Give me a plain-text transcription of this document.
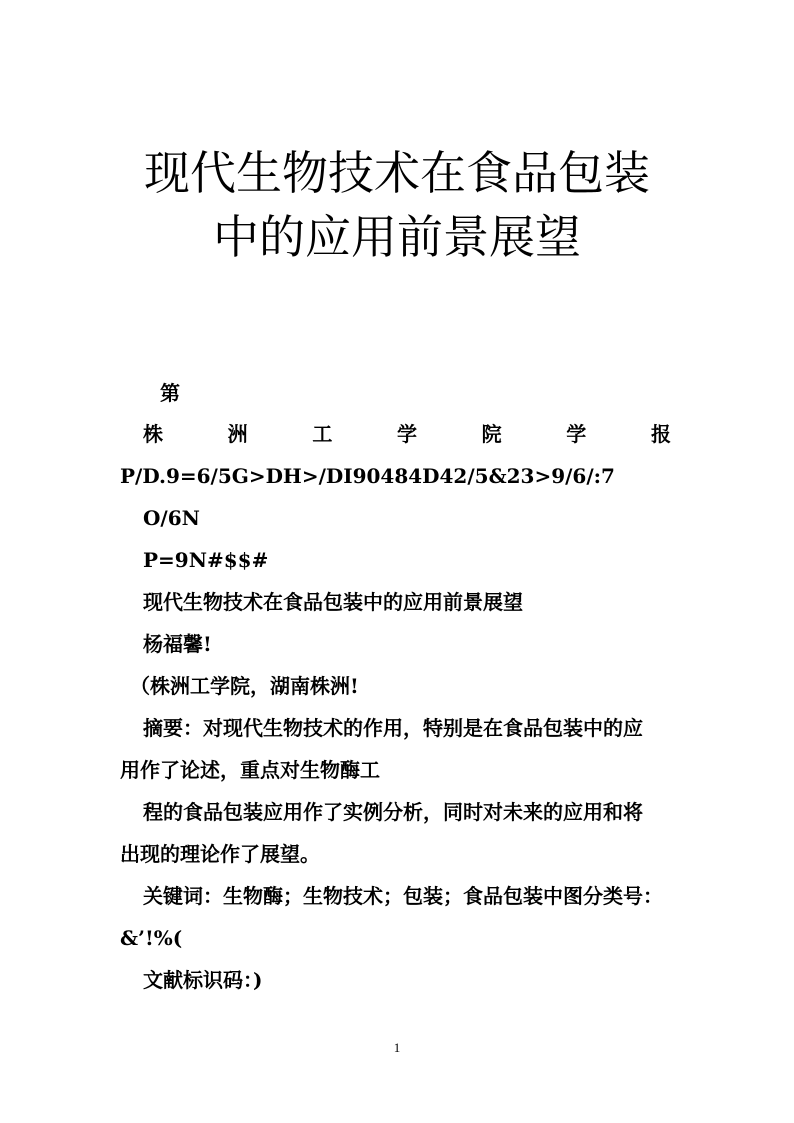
现代生物技术在食品包装
中的应用前景展望
第
株	洲	工	学	院	学	报
P/D.9=6/5G>DH>/DI90484D42/5&23>9/6/:7
O/6N
P=9N#$$#
现代生物技术在食品包装中的应用前景展望
杨福馨!
（株洲工学院，湖南株洲!
摘要：对现代生物技术的作用，特别是在食品包装中的应
用作了论述，重点对生物酶工
程的食品包装应用作了实例分析，同时对未来的应用和将
出现的理论作了展望。
关键词：生物酶；生物技术；包装；食品包装中图分类号：
&’!%(
文献标识码：)
1
